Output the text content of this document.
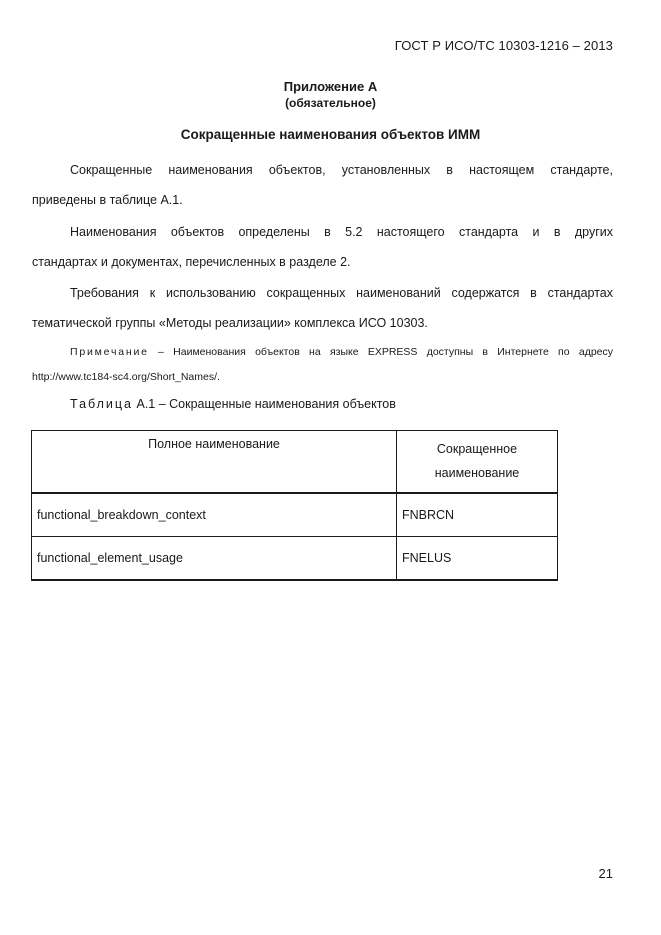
ГОСТ Р ИСО/ТС 10303-1216 – 2013
Приложение А
(обязательное)
Сокращенные наименования объектов ИММ
Сокращенные наименования объектов, установленных в настоящем стандарте,
приведены в таблице А.1.
Наименования объектов определены в 5.2 настоящего стандарта и в других
стандартах и документах, перечисленных в разделе 2.
Требования к использованию сокращенных наименований содержатся в стандартах
тематической группы «Методы реализации» комплекса ИСО 10303.
Примечание – Наименования объектов на языке EXPRESS доступны в Интернете по адресу
http://www.tc184-sc4.org/Short_Names/.
Таблица А.1 – Сокращенные наименования объектов
Полное наименование	Сокращенное наименование
functional_breakdown_context	FNBRCN
functional_element_usage	FNELUS
21
